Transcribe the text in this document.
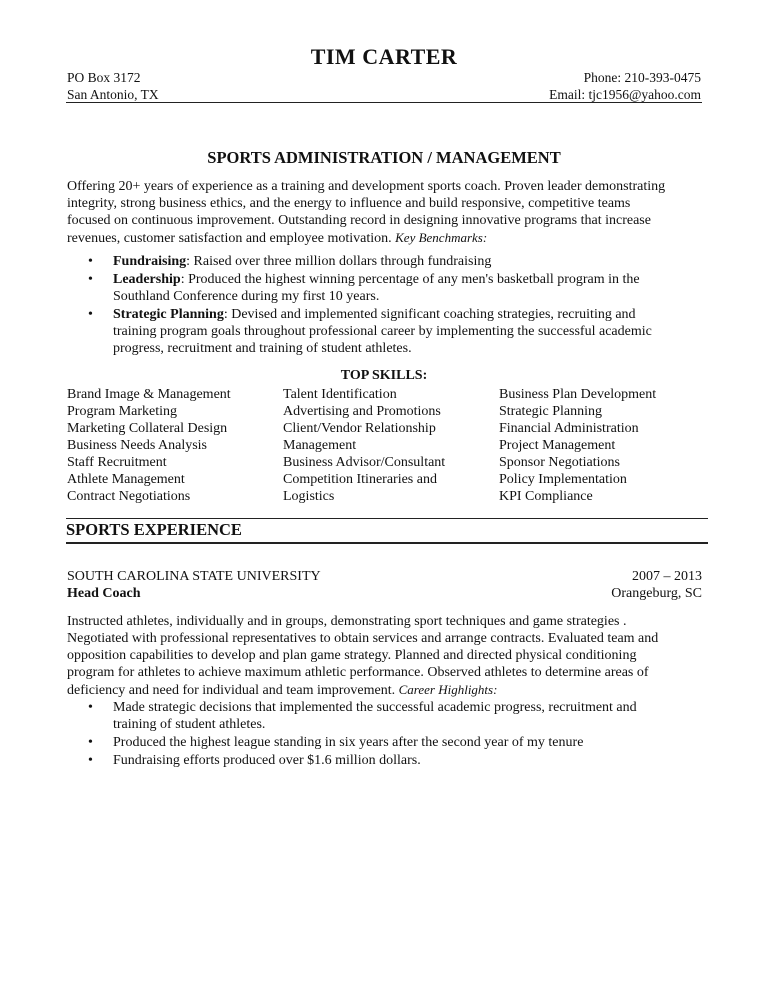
TIM CARTER
PO Box 3172
San Antonio, TX
Phone: 210-393-0475
Email: tjc1956@yahoo.com
SPORTS ADMINISTRATION / MANAGEMENT

Offering 20+ years of experience as a training and development sports coach. Proven leader demonstrating

integrity, strong business ethics, and the energy to influence and build responsive, competitive teams

focused on continuous improvement. Outstanding record in designing innovative programs that increase

revenues, customer satisfaction and employee motivation. Key Benchmarks:

• Fundraising: Raised over three million dollars through fundraising
• Leadership: Produced the highest winning percentage of any men's basketball program in the
Southland Conference during my first 10 years.
• Strategic Planning: Devised and implemented significant coaching strategies, recruiting and
training program goals throughout professional career by implementing the successful academic
progress, recruitment and training of student athletes.
TOP SKILLS:
Brand Image & Management
Program Marketing
Marketing Collateral Design
Business Needs Analysis
Staff Recruitment
Athlete Management
Contract Negotiations
Talent Identification
Advertising and Promotions
Client/Vendor Relationship
Management
Business Advisor/Consultant
Competition Itineraries and
Logistics
Business Plan Development
Strategic Planning
Financial Administration
Project Management
Sponsor Negotiations
Policy Implementation
KPI Compliance
SPORTS EXPERIENCE
SOUTH CAROLINA STATE UNIVERSITY	2007 – 2013
Head Coach	Orangeburg, SC

Instructed athletes, individually and in groups, demonstrating sport techniques and game strategies .

Negotiated with professional representatives to obtain services and arrange contracts. Evaluated team and

opposition capabilities to develop and plan game strategy. Planned and directed physical conditioning

program for athletes to achieve maximum athletic performance. Observed athletes to determine areas of

deficiency and need for individual and team improvement. Career Highlights:

• Made strategic decisions that implemented the successful academic progress, recruitment and
training of student athletes.
• Produced the highest league standing in six years after the second year of my tenure
• Fundraising efforts produced over $1.6 million dollars.
